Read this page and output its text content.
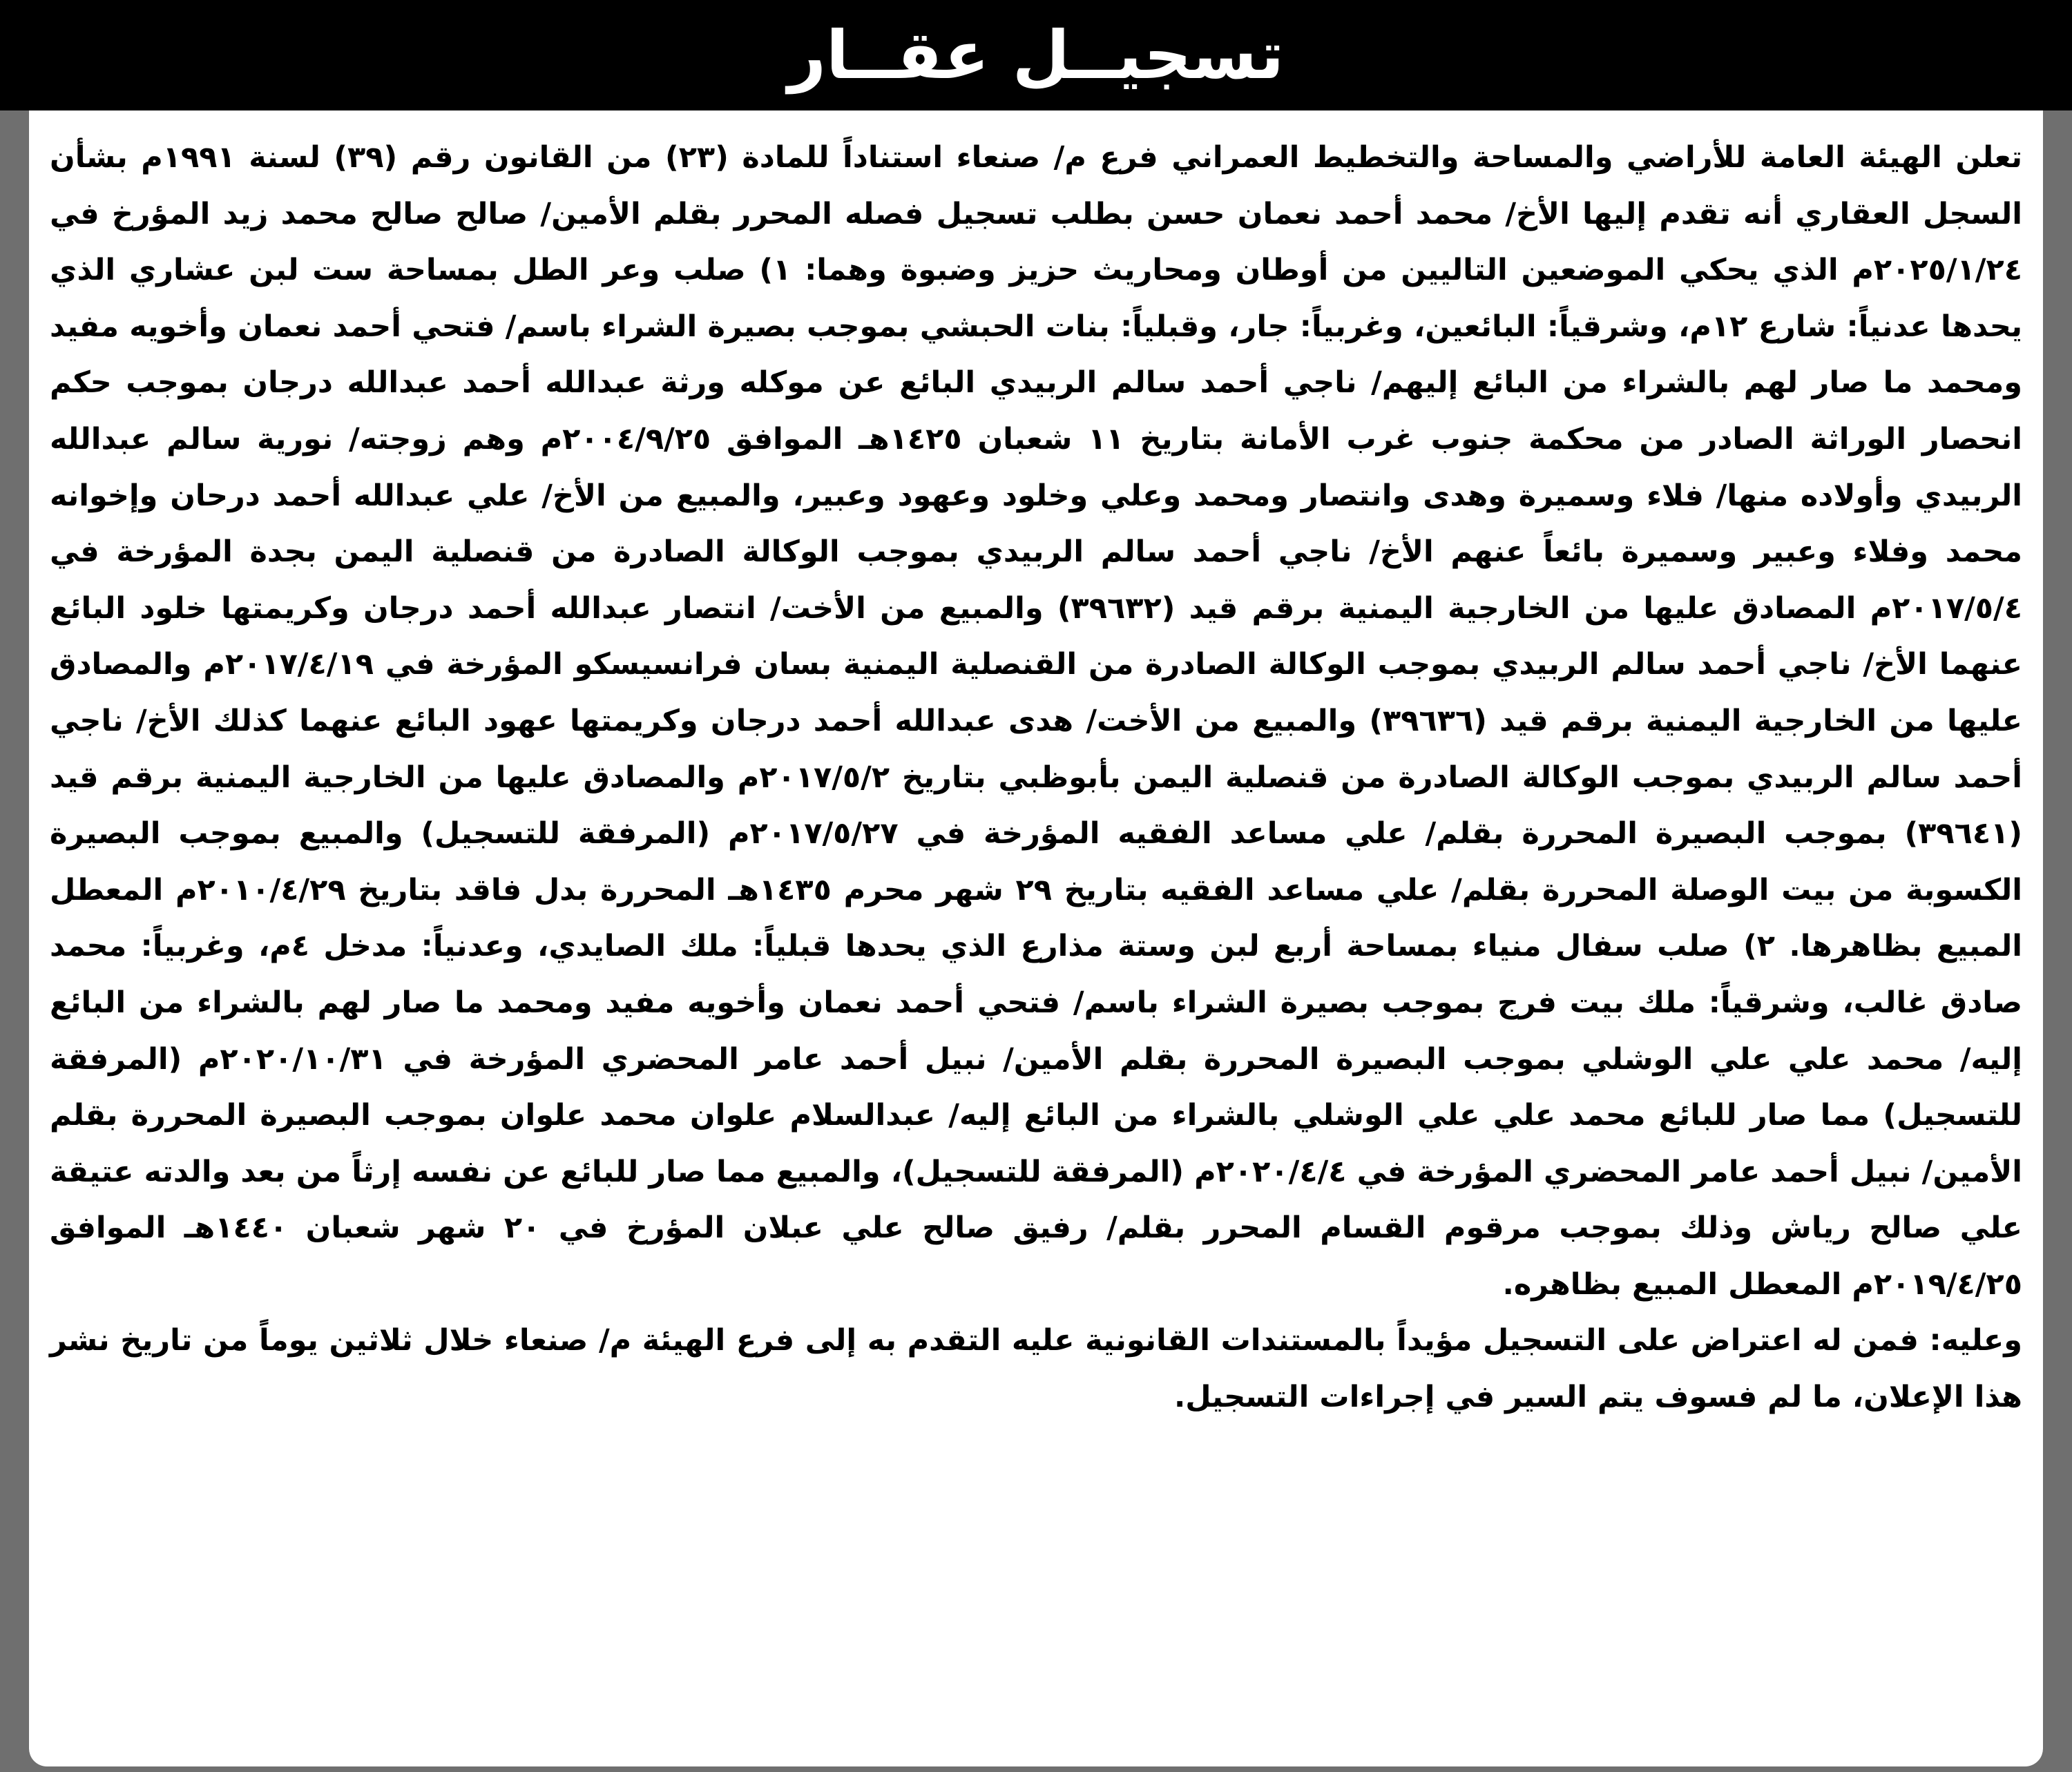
تسجيــل عقــار

تعلن الهيئة العامة للأراضي والمساحة والتخطيط العمراني فرع م/ صنعاء استناداً للمادة (٢٣) من القانون رقم (٣٩) لسنة ١٩٩١م بشأن السجل العقاري أنه تقدم إليها الأخ/ محمد أحمد نعمان حسن بطلب تسجيل فصله المحرر بقلم الأمين/ صالح صالح محمد زيد المؤرخ في ٢٠٢٥/١/٢٤م الذي يحكي الموضعين التاليين من أوطان ومحاريث حزيز وضبوة وهما: ١) صلب وعر الطل بمساحة ست لبن عشاري الذي يحدها عدنياً: شارع ١٢م، وشرقياً: البائعين، وغربياً: جار، وقبلياً: بنات الحبشي بموجب بصيرة الشراء باسم/ فتحي أحمد نعمان وأخويه مفيد ومحمد ما صار لهم بالشراء من البائع إليهم/ ناجي أحمد سالم الربيدي البائع عن موكله ورثة عبدالله أحمد عبدالله درجان بموجب حكم انحصار الوراثة الصادر من محكمة جنوب غرب الأمانة بتاريخ ١١ شعبان ١٤٢٥هـ الموافق ٢٠٠٤/٩/٢٥م وهم زوجته/ نورية سالم عبدالله الربيدي وأولاده منها/ فلاء وسميرة وهدى وانتصار ومحمد وعلي وخلود وعهود وعبير، والمبيع من الأخ/ علي عبدالله أحمد درحان وإخوانه محمد وفلاء وعبير وسميرة بائعاً عنهم الأخ/ ناجي أحمد سالم الربيدي بموجب الوكالة الصادرة من قنصلية اليمن بجدة المؤرخة في ٢٠١٧/٥/٤م المصادق عليها من الخارجية اليمنية برقم قيد (٣٩٦٣٢) والمبيع من الأخت/ انتصار عبدالله أحمد درجان وكريمتها خلود البائع عنهما الأخ/ ناجي أحمد سالم الربيدي بموجب الوكالة الصادرة من القنصلية اليمنية بسان فرانسيسكو المؤرخة في ٢٠١٧/٤/١٩م والمصادق عليها من الخارجية اليمنية برقم قيد (٣٩٦٣٦) والمبيع من الأخت/ هدى عبدالله أحمد درجان وكريمتها عهود البائع عنهما كذلك الأخ/ ناجي أحمد سالم الربيدي بموجب الوكالة الصادرة من قنصلية اليمن بأبوظبي بتاريخ ٢٠١٧/٥/٢م والمصادق عليها من الخارجية اليمنية برقم قيد (٣٩٦٤١) بموجب البصيرة المحررة بقلم/ علي مساعد الفقيه المؤرخة في ٢٠١٧/٥/٢٧م (المرفقة للتسجيل) والمبيع بموجب البصيرة الكسوبة من بيت الوصلة المحررة بقلم/ علي مساعد الفقيه بتاريخ ٢٩ شهر محرم ١٤٣٥هـ المحررة بدل فاقد بتاريخ ٢٠١٠/٤/٢٩م المعطل المبيع بظاهرها. ٢) صلب سفال منياء بمساحة أربع لبن وستة مذارع الذي يحدها قبلياً: ملك الصايدي، وعدنياً: مدخل ٤م، وغربياً: محمد صادق غالب، وشرقياً: ملك بيت فرج بموجب بصيرة الشراء باسم/ فتحي أحمد نعمان وأخويه مفيد ومحمد ما صار لهم بالشراء من البائع إليه/ محمد علي علي الوشلي بموجب البصيرة المحررة بقلم الأمين/ نبيل أحمد عامر المحضري المؤرخة في ٢٠٢٠/١٠/٣١م (المرفقة للتسجيل) مما صار للبائع محمد علي علي الوشلي بالشراء من البائع إليه/ عبدالسلام علوان محمد علوان بموجب البصيرة المحررة بقلم الأمين/ نبيل أحمد عامر المحضري المؤرخة في ٢٠٢٠/٤/٤م (المرفقة للتسجيل)، والمبيع مما صار للبائع عن نفسه إرثاً من بعد والدته عتيقة علي صالح رياش وذلك بموجب مرقوم القسام المحرر بقلم/ رفيق صالح علي عبلان المؤرخ في ٢٠ شهر شعبان ١٤٤٠هـ الموافق ٢٠١٩/٤/٢٥م المعطل المبيع بظاهره.

وعليه: فمن له اعتراض على التسجيل مؤيداً بالمستندات القانونية عليه التقدم به إلى فرع الهيئة م/ صنعاء خلال ثلاثين يوماً من تاريخ نشر هذا الإعلان، ما لم فسوف يتم السير في إجراءات التسجيل.
